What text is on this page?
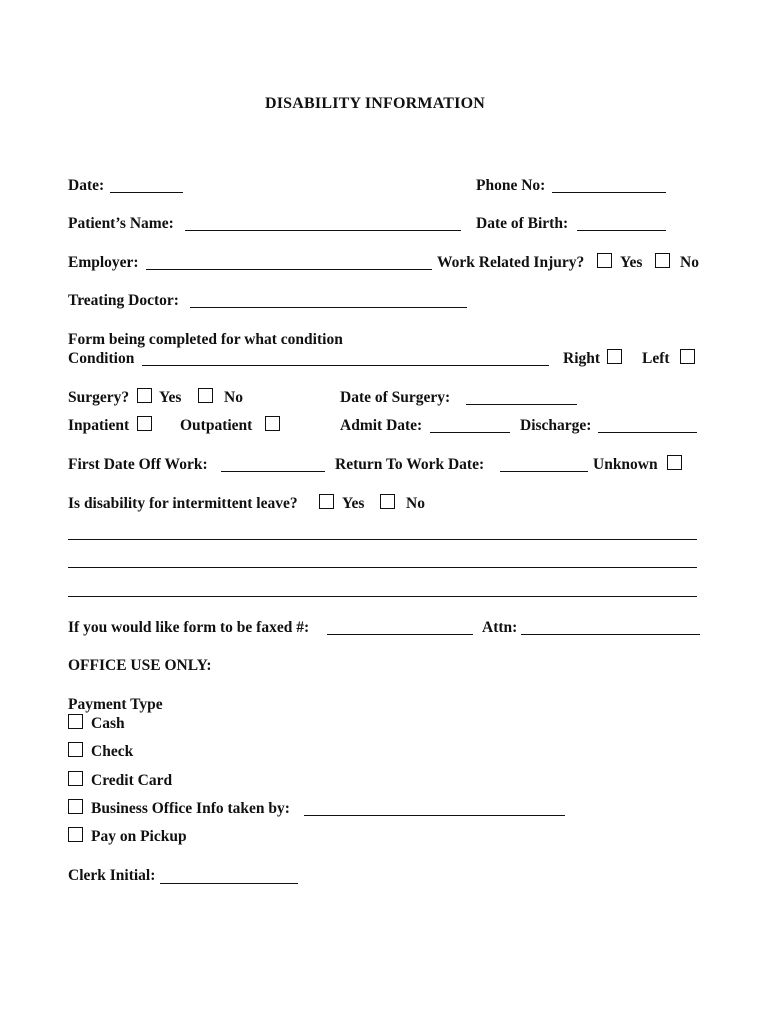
DISABILITY INFORMATION
Date:	Phone No:
Patient’s Name:	Date of Birth:
Employer:	Work Related Injury? Yes No
Treating Doctor:
Form being completed for what condition
Condition	Right	Left
Surgery? Yes	No	Date of Surgery:
Inpatient	Outpatient	Admit Date:	Discharge:
First Date Off Work:	Return To Work Date:	Unknown
Is disability for intermittent leave?	Yes	No
If you would like form to be faxed #:	Attn:
OFFICE USE ONLY:
Payment Type
Cash
Check
Credit Card
Business Office Info taken by:
Pay on Pickup
Clerk Initial:
